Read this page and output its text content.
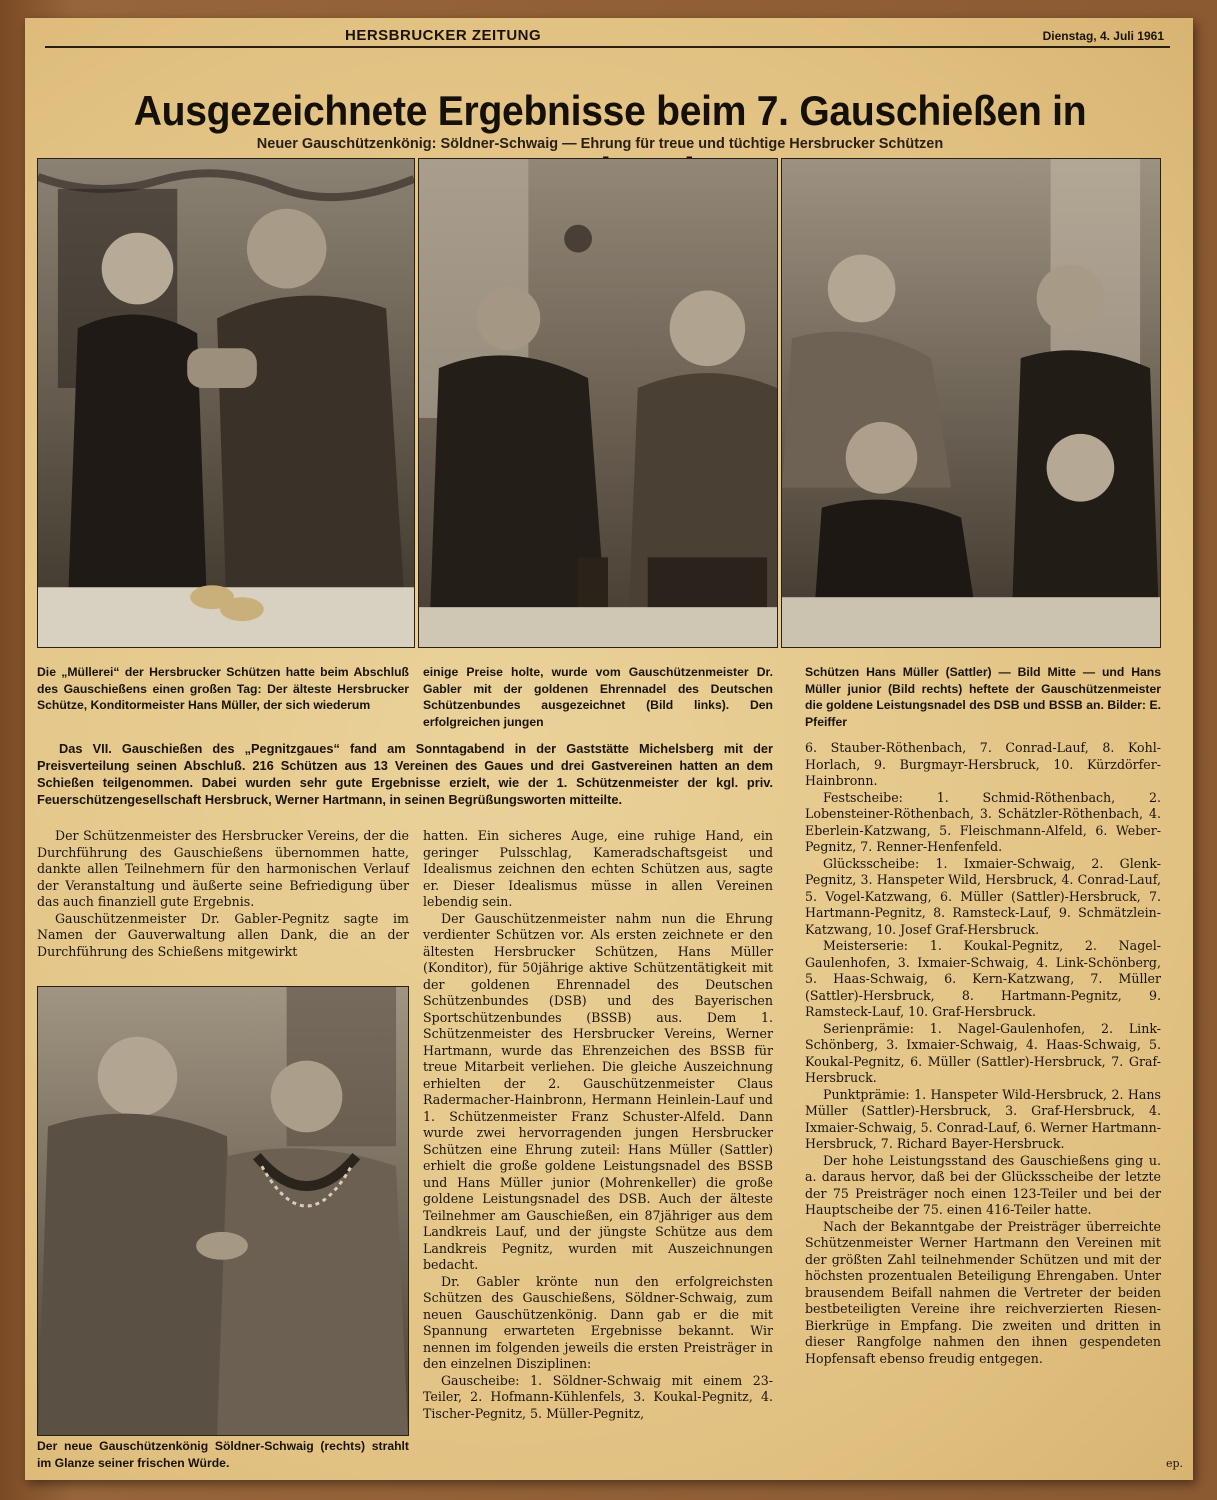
HERSBRUCKER ZEITUNG	Dienstag, 4. Juli 1961
Ausgezeichnete Ergebnisse beim 7. Gauschießen in
Neuer Gauschützenkönig: Söldner-Schwaig — Ehrung für treue und tüchtige Hersbrucker Schützen
Die „Müllerei“ der Hersbrucker Schützen hatte beim Abschluß des Gauschießens einen großen Tag: Der älteste Hersbrucker Schütze, Konditormeister Hans Müller, der sich wiederum
einige Preise holte, wurde vom Gauschützenmeister Dr. Gabler mit der goldenen Ehrennadel des Deutschen Schützenbundes ausgezeichnet (Bild links). Den erfolgreichen jungen
Schützen Hans Müller (Sattler) — Bild Mitte — und Hans Müller junior (Bild rechts) heftete der Gauschützenmeister die goldene Leistungsnadel des DSB und BSSB an. Bilder: E. Pfeiffer
Das VII. Gauschießen des „Pegnitzgaues“ fand am Sonntagabend in der Gaststätte Michelsberg mit der Preisverteilung seinen Abschluß. 216 Schützen aus 13 Vereinen des Gaues und drei Gastvereinen hatten an dem Schießen teilgenommen. Dabei wurden sehr gute Ergebnisse erzielt, wie der 1. Schützenmeister der kgl. priv. Feuerschützengesellschaft Hersbruck, Werner Hartmann, in seinen Begrüßungsworten mitteilte.

Der Schützenmeister des Hersbrucker Vereins, der die Durchführung des Gauschießens übernommen hatte, dankte allen Teilnehmern für den harmonischen Verlauf der Veranstaltung und äußerte seine Befriedigung über das auch finanziell gute Ergebnis.

Gauschützenmeister Dr. Gabler-Pegnitz sagte im Namen der Gauverwaltung allen Dank, die an der Durchführung des Schießens mitgewirkt

Der neue Gauschützenkönig Söldner-Schwaig (rechts) strahlt im Glanze seiner frischen Würde.

hatten. Ein sicheres Auge, eine ruhige Hand, ein geringer Pulsschlag, Kameradschaftsgeist und Idealismus zeichnen den echten Schützen aus, sagte er. Dieser Idealismus müsse in allen Vereinen lebendig sein.

Der Gauschützenmeister nahm nun die Ehrung verdienter Schützen vor. Als ersten zeichnete er den ältesten Hersbrucker Schützen, Hans Müller (Konditor), für 50jährige aktive Schützentätigkeit mit der goldenen Ehrennadel des Deutschen Schützenbundes (DSB) und des Bayerischen Sportschützenbundes (BSSB) aus. Dem 1. Schützenmeister des Hersbrucker Vereins, Werner Hartmann, wurde das Ehrenzeichen des BSSB für treue Mitarbeit verliehen. Die gleiche Auszeichnung erhielten der 2. Gauschützenmeister Claus Radermacher-Hainbronn, Hermann Heinlein-Lauf und 1. Schützenmeister Franz Schuster-Alfeld. Dann wurde zwei hervorragenden jungen Hersbrucker Schützen eine Ehrung zuteil: Hans Müller (Sattler) erhielt die große goldene Leistungsnadel des BSSB und Hans Müller junior (Mohrenkeller) die große goldene Leistungsnadel des DSB. Auch der älteste Teilnehmer am Gauschießen, ein 87jähriger aus dem Landkreis Lauf, und der jüngste Schütze aus dem Landkreis Pegnitz, wurden mit Auszeichnungen bedacht.

Dr. Gabler krönte nun den erfolgreichsten Schützen des Gauschießens, Söldner-Schwaig, zum neuen Gauschützenkönig. Dann gab er die mit Spannung erwarteten Ergebnisse bekannt. Wir nennen im folgenden jeweils die ersten Preisträger in den einzelnen Disziplinen:

Gauscheibe: 1. Söldner-Schwaig mit einem 23-Teiler, 2. Hofmann-Kühlenfels, 3. Koukal-Pegnitz, 4. Tischer-Pegnitz, 5. Müller-Pegnitz,

6. Stauber-Röthenbach, 7. Conrad-Lauf, 8. Kohl-Horlach, 9. Burgmayr-Hersbruck, 10. Kürzdörfer-Hainbronn.

Festscheibe: 1. Schmid-Röthenbach, 2. Lobensteiner-Röthenbach, 3. Schätzler-Röthenbach, 4. Eberlein-Katzwang, 5. Fleischmann-Alfeld, 6. Weber-Pegnitz, 7. Renner-Henfenfeld.

Glücksscheibe: 1. Ixmaier-Schwaig, 2. Glenk-Pegnitz, 3. Hanspeter Wild, Hersbruck, 4. Conrad-Lauf, 5. Vogel-Katzwang, 6. Müller (Sattler)-Hersbruck, 7. Hartmann-Pegnitz, 8. Ramsteck-Lauf, 9. Schmätzlein-Katzwang, 10. Josef Graf-Hersbruck.

Meisterserie: 1. Koukal-Pegnitz, 2. Nagel-Gaulenhofen, 3. Ixmaier-Schwaig, 4. Link-Schönberg, 5. Haas-Schwaig, 6. Kern-Katzwang, 7. Müller (Sattler)-Hersbruck, 8. Hartmann-Pegnitz, 9. Ramsteck-Lauf, 10. Graf-Hersbruck.

Serienprämie: 1. Nagel-Gaulenhofen, 2. Link-Schönberg, 3. Ixmaier-Schwaig, 4. Haas-Schwaig, 5. Koukal-Pegnitz, 6. Müller (Sattler)-Hersbruck, 7. Graf-Hersbruck.

Punktprämie: 1. Hanspeter Wild-Hersbruck, 2. Hans Müller (Sattler)-Hersbruck, 3. Graf-Hersbruck, 4. Ixmaier-Schwaig, 5. Conrad-Lauf, 6. Werner Hartmann-Hersbruck, 7. Richard Bayer-Hersbruck.

Der hohe Leistungsstand des Gauschießens ging u. a. daraus hervor, daß bei der Glücksscheibe der letzte der 75 Preisträger noch einen 123-Teiler und bei der Hauptscheibe der 75. einen 416-Teiler hatte.

Nach der Bekanntgabe der Preisträger überreichte Schützenmeister Werner Hartmann den Vereinen mit der größten Zahl teilnehmender Schützen und mit der höchsten prozentualen Beteiligung Ehrengaben. Unter brausendem Beifall nahmen die Vertreter der beiden bestbeteiligten Vereine ihre reichverzierten Riesen-Bierkrüge in Empfang. Die zweiten und dritten in dieser Rangfolge nahmen den ihnen gespendeten Hopfensaft ebenso freudig entgegen.

ep.
